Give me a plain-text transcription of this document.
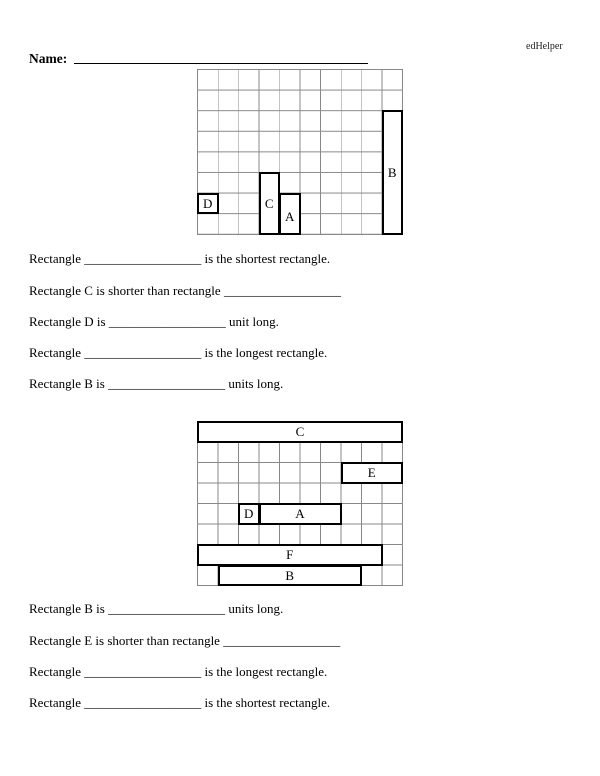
edHelper
Name:
D	C
A
B
Rectangle __________________ is the shortest rectangle.
Rectangle C is shorter than rectangle __________________
Rectangle D is __________________ unit long.
Rectangle __________________ is the longest rectangle.
Rectangle B is __________________ units long.
C
E
D	A
F
B
Rectangle B is __________________ units long.
Rectangle E is shorter than rectangle __________________
Rectangle __________________ is the longest rectangle.
Rectangle __________________ is the shortest rectangle.
